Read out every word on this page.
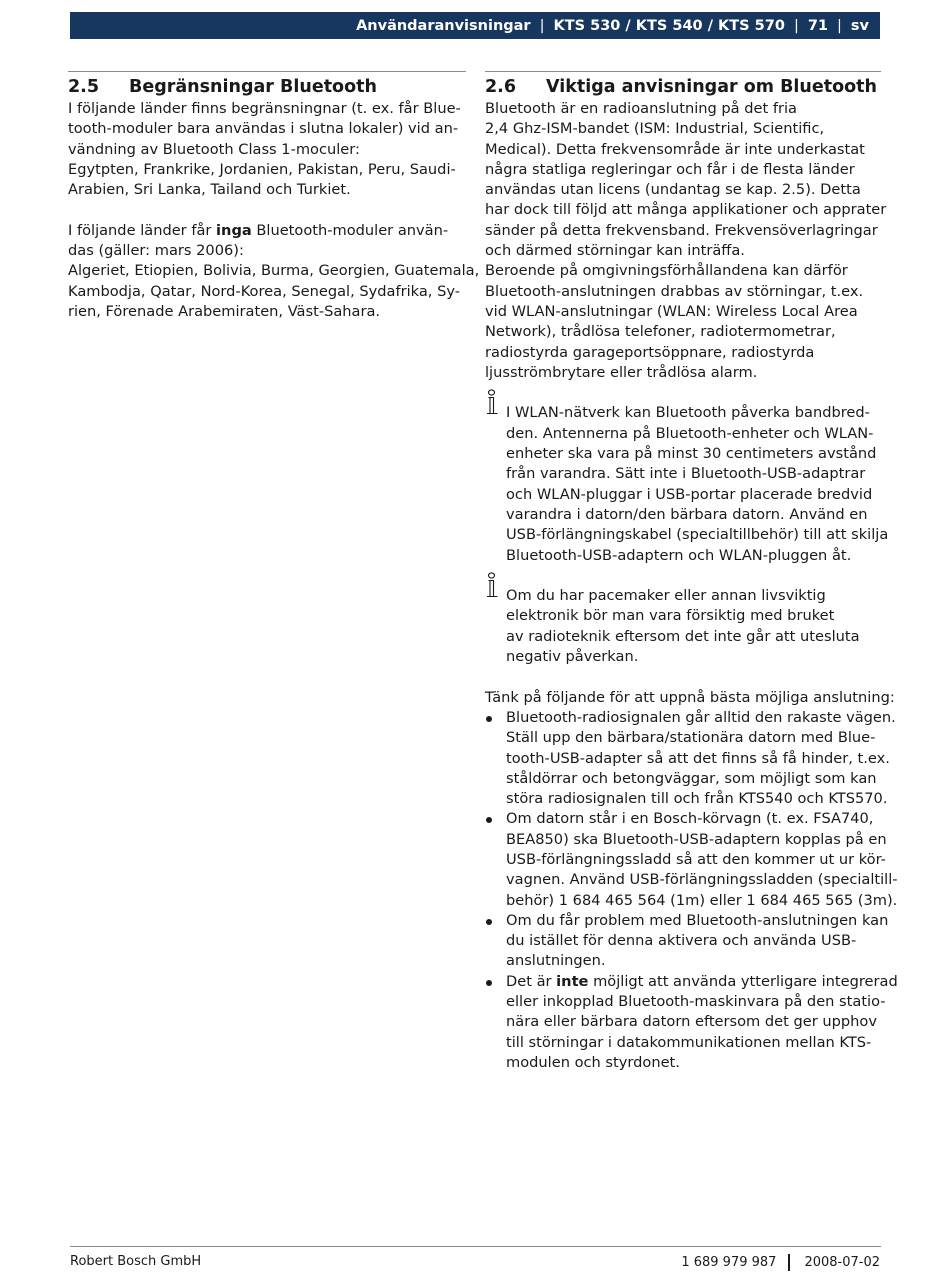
Användaranvisningar | KTS 530 / KTS 540 / KTS 570 | 71 | sv
2.5	Begränsningar Bluetooth

I följande länder finns begränsningnar (t. ex. får Blue-
tooth-moduler bara användas i slutna lokaler) vid an-
vändning av Bluetooth Class 1-moculer:
Egytpten, Frankrike, Jordanien, Pakistan, Peru, Saudi-
Arabien, Sri Lanka, Tailand och Turkiet.

I följande länder får inga Bluetooth-moduler använ-
das (gäller: mars 2006):
Algeriet, Etiopien, Bolivia, Burma, Georgien, Guatemala,
Kambodja, Qatar, Nord-Korea, Senegal, Sydafrika, Sy-
rien, Förenade Arabemiraten, Väst-Sahara.

2.6	Viktiga anvisningar om Bluetooth

Bluetooth är en radioanslutning på det fria
2,4 Ghz-ISM-bandet (ISM: Industrial, Scientific,
Medical). Detta frekvensområde är inte underkastat
några statliga regleringar och får i de flesta länder
användas utan licens (undantag se kap. 2.5). Detta
har dock till följd att många applikationer och apprater
sänder på detta frekvensband. Frekvensöverlagringar
och därmed störningar kan inträffa.
Beroende på omgivningsförhållandena kan därför
Bluetooth-anslutningen drabbas av störningar, t.ex.
vid WLAN-anslutningar (WLAN: Wireless Local Area
Network), trådlösa telefoner, radiotermometrar,
radiostyrda garageportsöppnare, radiostyrda
ljusströmbrytare eller trådlösa alarm.

I WLAN-nätverk kan Bluetooth påverka bandbred-
den. Antennerna på Bluetooth-enheter och WLAN-
enheter ska vara på minst 30 centimeters avstånd
från varandra. Sätt inte i Bluetooth-USB-adaptrar
och WLAN-pluggar i USB-portar placerade bredvid
varandra i datorn/den bärbara datorn. Använd en
USB-förlängningskabel (specialtillbehör) till att skilja
Bluetooth-USB-adaptern och WLAN-pluggen åt.
Om du har pacemaker eller annan livsviktig
elektronik bör man vara försiktig med bruket
av radioteknik eftersom det inte går att utesluta
negativ påverkan.

Tänk på följande för att uppnå bästa möjliga anslutning:

Bluetooth-radiosignalen går alltid den rakaste vägen.
Ställ upp den bärbara/stationära datorn med Blue-
tooth-USB-adapter så att det finns så få hinder, t.ex.
ståldörrar och betongväggar, som möjligt som kan
störa radiosignalen till och från KTS540 och KTS570.
Om datorn står i en Bosch-körvagn (t. ex. FSA740,
BEA850) ska Bluetooth-USB-adaptern kopplas på en
USB-förlängningssladd så att den kommer ut ur kör-
vagnen. Använd USB-förlängningssladden (specialtill-
behör) 1 684 465 564 (1m) eller 1 684 465 565 (3m).
Om du får problem med Bluetooth-anslutningen kan
du istället för denna aktivera och använda USB-
anslutningen.
Det är inte möjligt att använda ytterligare integrerad
eller inkopplad Bluetooth-maskinvara på den statio-
nära eller bärbara datorn eftersom det ger upphov
till störningar i datakommunikationen mellan KTS-
modulen och styrdonet.
Robert Bosch GmbH	1 689 979 987 2008-07-02
